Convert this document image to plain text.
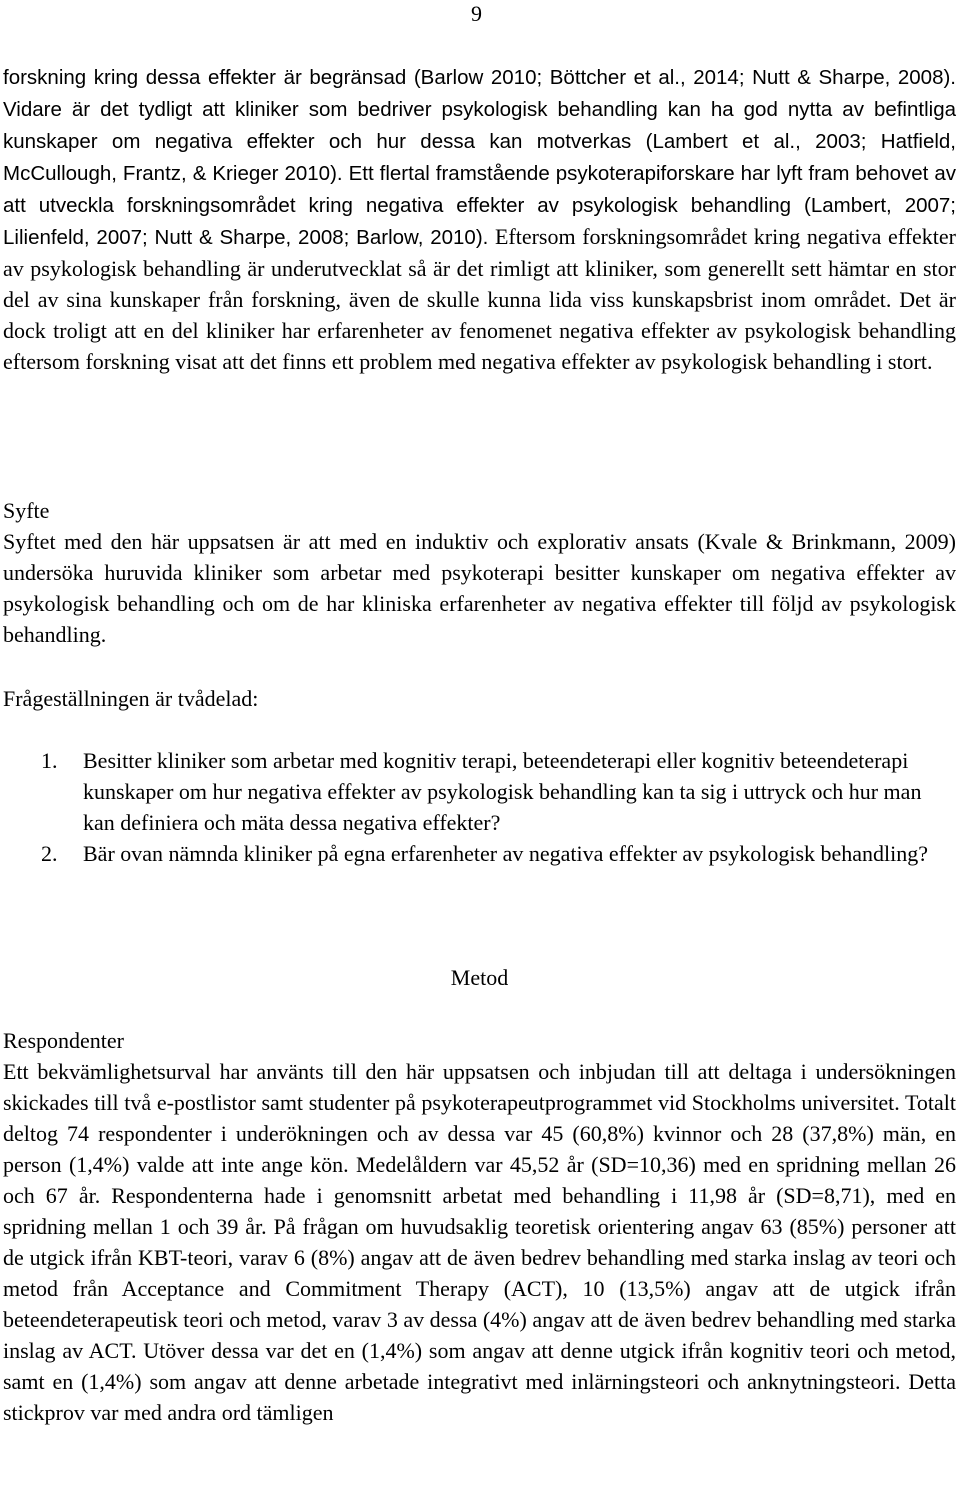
9

forskning kring dessa effekter är begränsad (Barlow 2010; Böttcher et al., 2014; Nutt & Sharpe, 2008). Vidare är det tydligt att kliniker som bedriver psykologisk behandling kan ha god nytta av befintliga kunskaper om negativa effekter och hur dessa kan motverkas (Lambert et al., 2003; Hatfield, McCullough, Frantz, & Krieger 2010). Ett flertal framstående psykoterapiforskare har lyft fram behovet av att utveckla forskningsområdet kring negativa effekter av psykologisk behandling (Lambert, 2007; Lilienfeld, 2007; Nutt & Sharpe, 2008; Barlow, 2010). Eftersom forskningsområdet kring negativa effekter av psykologisk behandling är underutvecklat så är det rimligt att kliniker, som generellt sett hämtar en stor del av sina kunskaper från forskning, även de skulle kunna lida viss kunskapsbrist inom området. Det är dock troligt att en del kliniker har erfarenheter av fenomenet negativa effekter av psykologisk behandling eftersom forskning visat att det finns ett problem med negativa effekter av psykologisk behandling i stort.

Syfte

Syftet med den här uppsatsen är att med en induktiv och explorativ ansats (Kvale & Brinkmann, 2009) undersöka huruvida kliniker som arbetar med psykoterapi besitter kunskaper om negativa effekter av psykologisk behandling och om de har kliniska erfarenheter av negativa effekter till följd av psykologisk behandling.

Frågeställningen är tvådelad:
1. Besitter kliniker som arbetar med kognitiv terapi, beteendeterapi eller kognitiv beteendeterapi kunskaper om hur negativa effekter av psykologisk behandling kan ta sig i uttryck och hur man kan definiera och mäta dessa negativa effekter?
2. Bär ovan nämnda kliniker på egna erfarenheter av negativa effekter av psykologisk behandling?
Metod
Respondenter

Ett bekvämlighetsurval har använts till den här uppsatsen och inbjudan till att deltaga i undersökningen skickades till två e-postlistor samt studenter på psykoterapeutprogrammet vid Stockholms universitet. Totalt deltog 74 respondenter i underökningen och av dessa var 45 (60,8%) kvinnor och 28 (37,8%) män, en person (1,4%) valde att inte ange kön. Medelåldern var 45,52 år (SD=10,36) med en spridning mellan 26 och 67 år. Respondenterna hade i genomsnitt arbetat med behandling i 11,98 år (SD=8,71), med en spridning mellan 1 och 39 år. På frågan om huvudsaklig teoretisk orientering angav 63 (85%) personer att de utgick ifrån KBT-teori, varav 6 (8%) angav att de även bedrev behandling med starka inslag av teori och metod från Acceptance and Commitment Therapy (ACT), 10 (13,5%) angav att de utgick ifrån beteendeterapeutisk teori och metod, varav 3 av dessa (4%) angav att de även bedrev behandling med starka inslag av ACT. Utöver dessa var det en (1,4%) som angav att denne utgick ifrån kognitiv teori och metod, samt en (1,4%) som angav att denne arbetade integrativt med inlärningsteori och anknytningsteori. Detta stickprov var med andra ord tämligen
